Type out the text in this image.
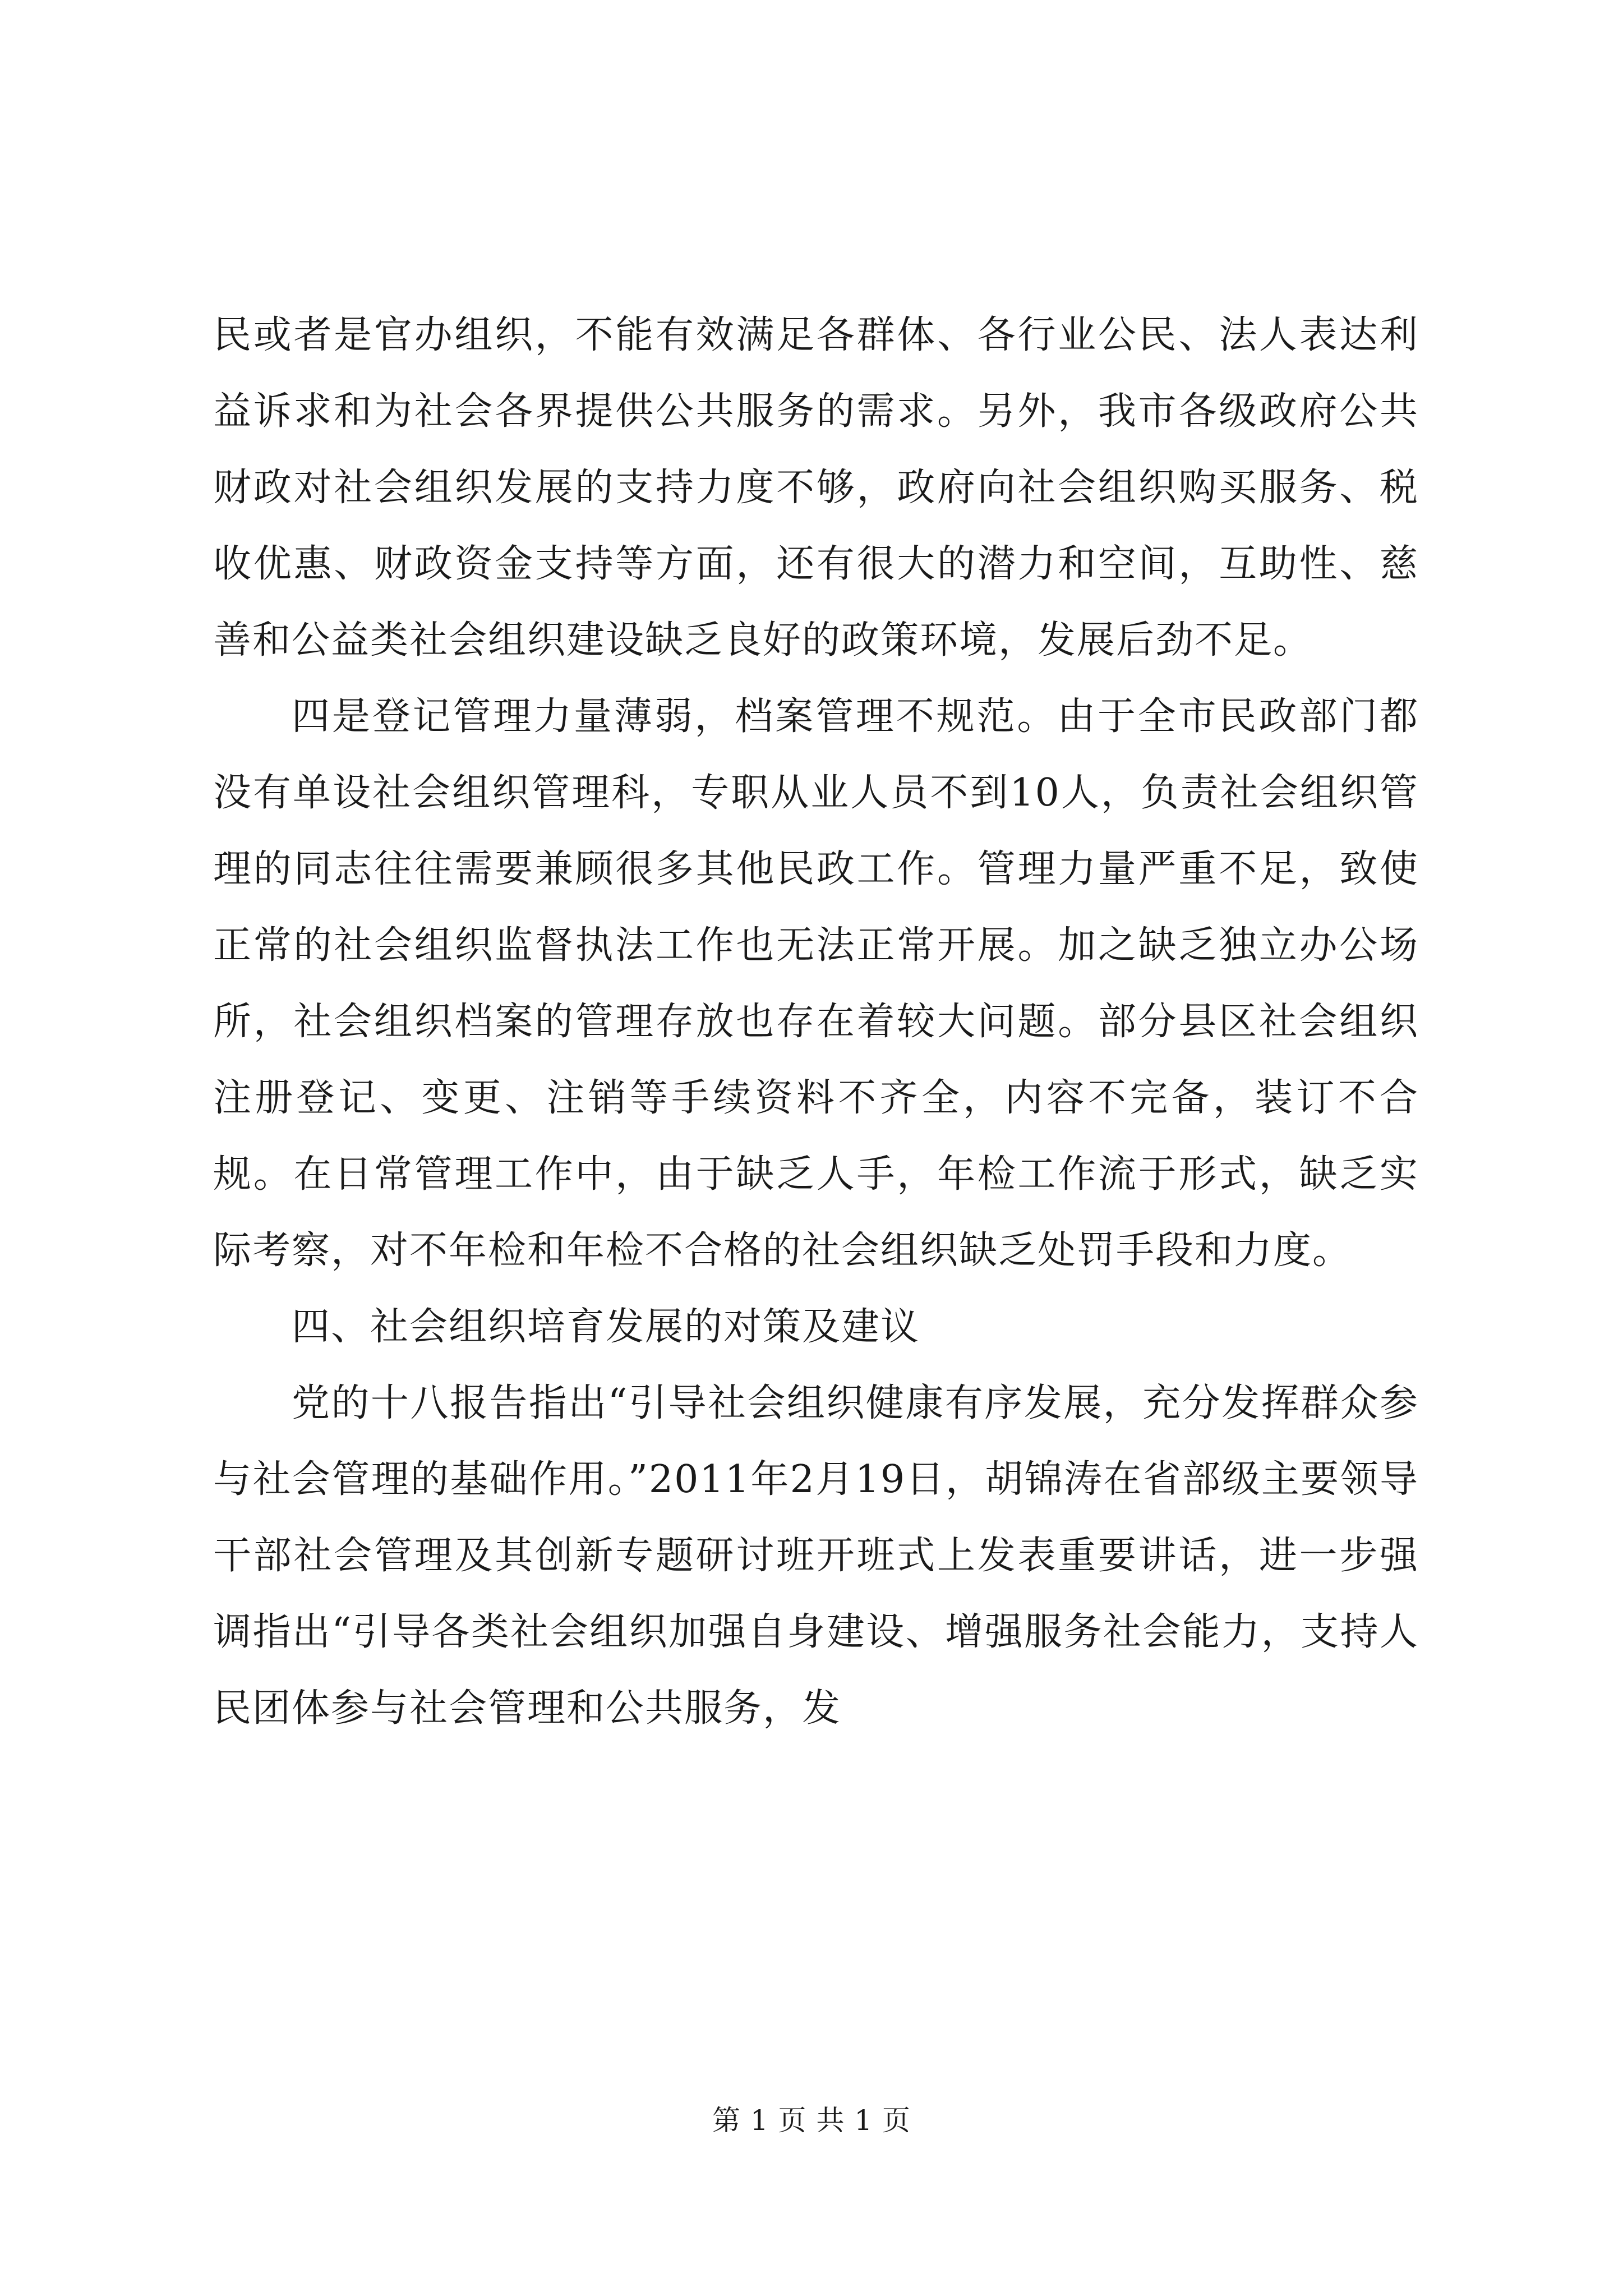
民或者是官办组织，不能有效满足各群体、各行业公民、法人表达利益诉求和为社会各界提供公共服务的需求。另外，我市各级政府公共财政对社会组织发展的支持力度不够，政府向社会组织购买服务、税收优惠、财政资金支持等方面，还有很大的潜力和空间，互助性、慈善和公益类社会组织建设缺乏良好的政策环境，发展后劲不足。

四是登记管理力量薄弱，档案管理不规范。由于全市民政部门都没有单设社会组织管理科，专职从业人员不到10人，负责社会组织管理的同志往往需要兼顾很多其他民政工作。管理力量严重不足，致使正常的社会组织监督执法工作也无法正常开展。加之缺乏独立办公场所，社会组织档案的管理存放也存在着较大问题。部分县区社会组织注册登记、变更、注销等手续资料不齐全，内容不完备，装订不合规。在日常管理工作中，由于缺乏人手，年检工作流于形式，缺乏实际考察，对不年检和年检不合格的社会组织缺乏处罚手段和力度。

四、社会组织培育发展的对策及建议

党的十八报告指出“引导社会组织健康有序发展，充分发挥群众参与社会管理的基础作用。”2011年2月19日，胡锦涛在省部级主要领导干部社会管理及其创新专题研讨班开班式上发表重要讲话，进一步强调指出“引导各类社会组织加强自身建设、增强服务社会能力，支持人民团体参与社会管理和公共服务，发

第 1 页 共 1 页
